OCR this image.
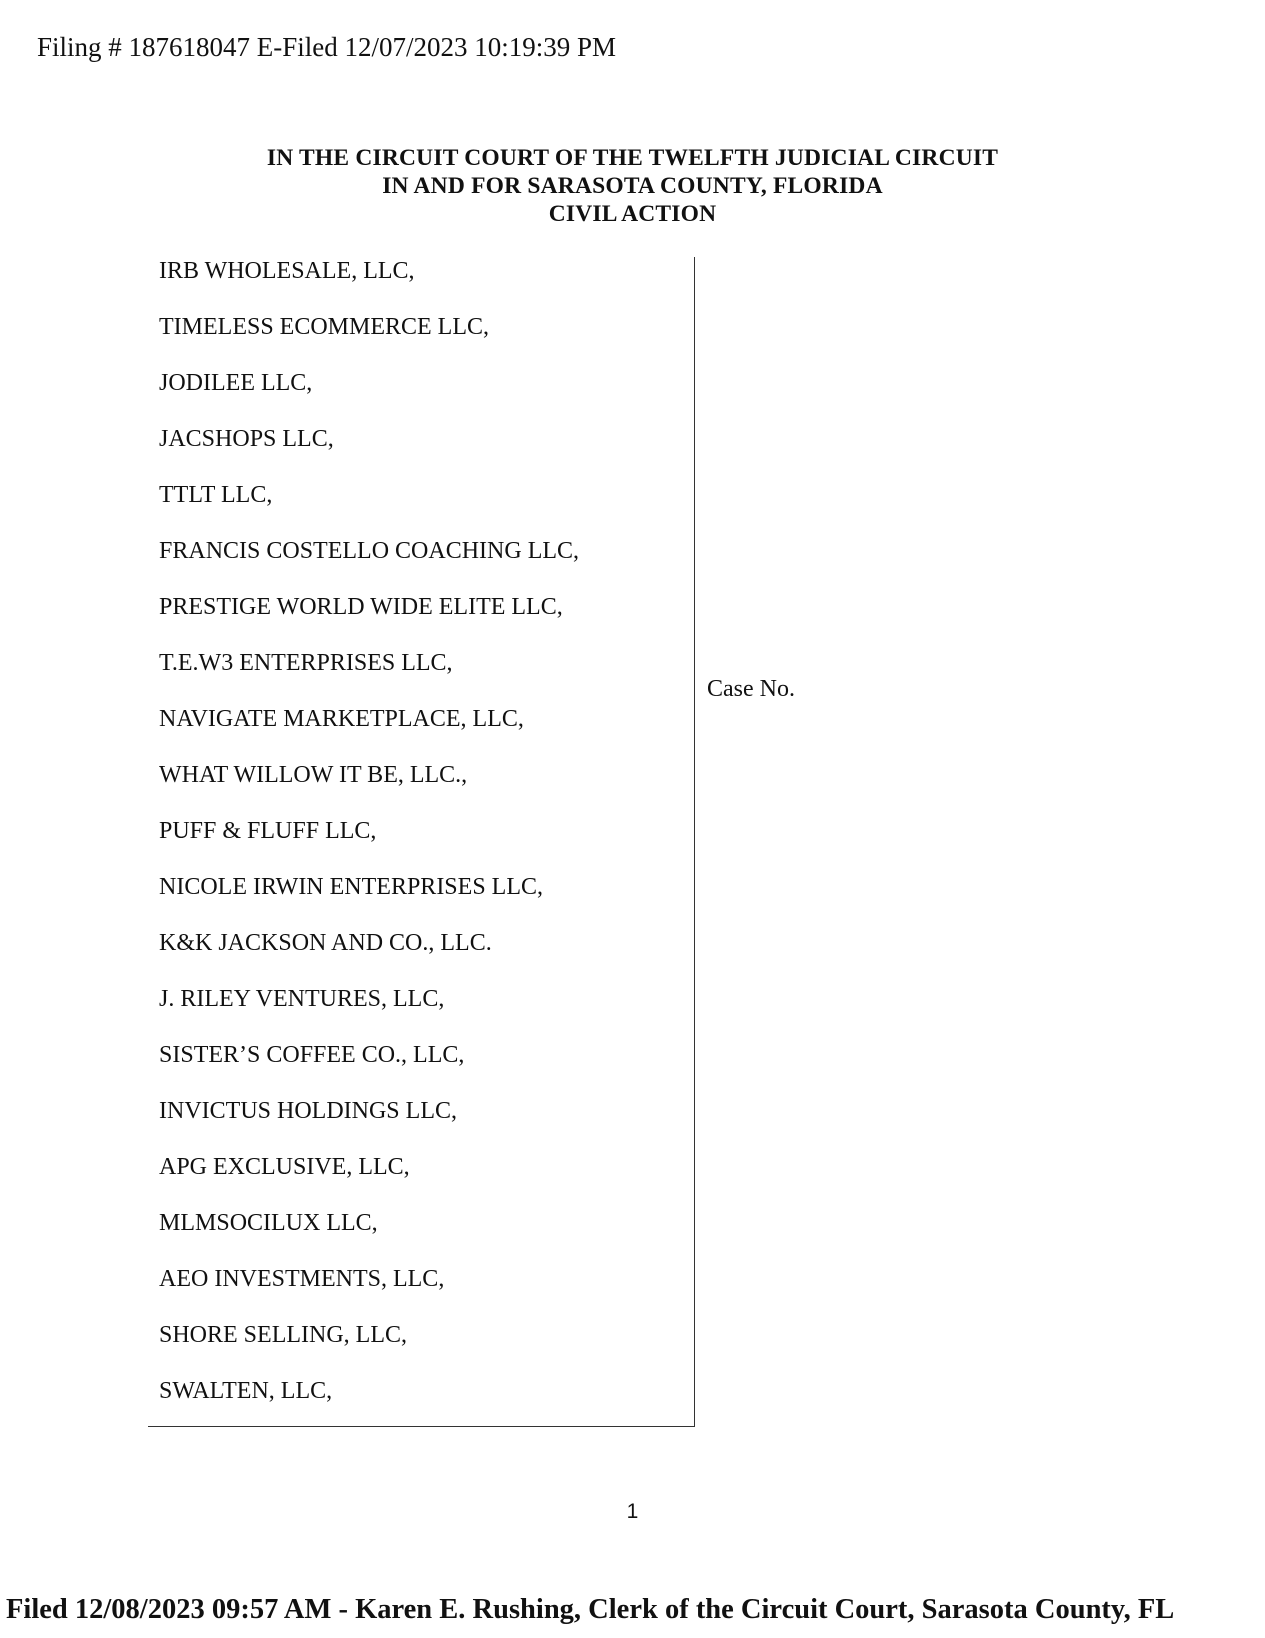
Filing # 187618047 E-Filed 12/07/2023 10:19:39 PM
IN THE CIRCUIT COURT OF THE TWELFTH JUDICIAL CIRCUIT
IN AND FOR SARASOTA COUNTY, FLORIDA
CIVIL ACTION
IRB WHOLESALE, LLC,
TIMELESS ECOMMERCE LLC,
JODILEE LLC,
JACSHOPS LLC,
TTLT LLC,
FRANCIS COSTELLO COACHING LLC,
PRESTIGE WORLD WIDE ELITE LLC,
T.E.W3 ENTERPRISES LLC,
NAVIGATE MARKETPLACE, LLC,
WHAT WILLOW IT BE, LLC.,
PUFF & FLUFF LLC,
NICOLE IRWIN ENTERPRISES LLC,
K&K JACKSON AND CO., LLC.
J. RILEY VENTURES, LLC,
SISTER’S COFFEE CO., LLC,
INVICTUS HOLDINGS LLC,
APG EXCLUSIVE, LLC,
MLMSOCILUX LLC,
AEO INVESTMENTS, LLC,
SHORE SELLING, LLC,
SWALTEN, LLC,
Case No.
1
Filed 12/08/2023 09:57 AM - Karen E. Rushing, Clerk of the Circuit Court, Sarasota County, FL
